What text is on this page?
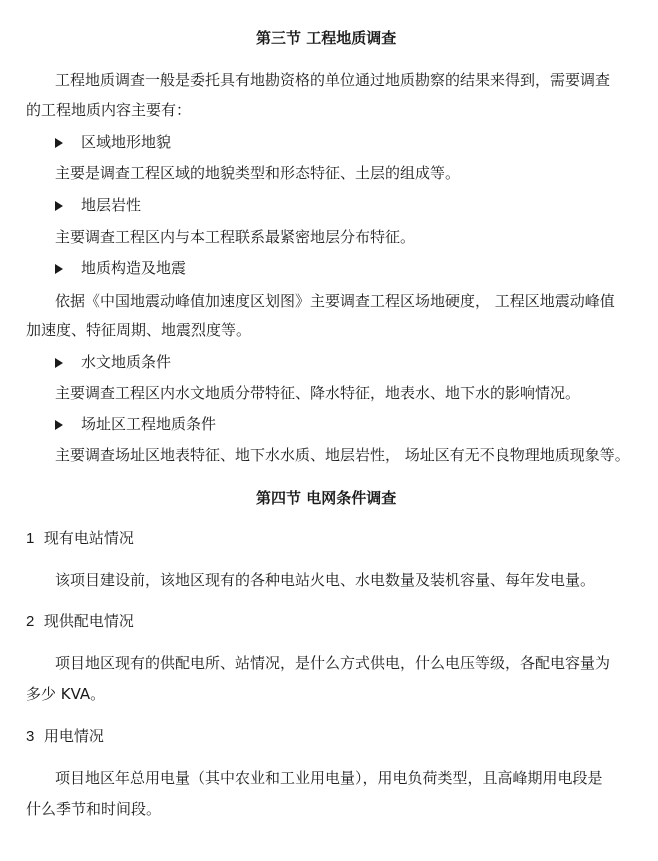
第三节 工程地质调查
工程地质调查一般是委托具有地勘资格的单位通过地质勘察的结果来得到，需要调查
的工程地质内容主要有：
区域地形地貌
主要是调查工程区域的地貌类型和形态特征、土层的组成等。
地层岩性
主要调查工程区内与本工程联系最紧密地层分布特征。
地质构造及地震
依据《中国地震动峰值加速度区划图》主要调查工程区场地硬度， 工程区地震动峰值
加速度、特征周期、地震烈度等。
水文地质条件
主要调查工程区内水文地质分带特征、降水特征，地表水、地下水的影响情况。
场址区工程地质条件
主要调查场址区地表特征、地下水水质、地层岩性， 场址区有无不良物理地质现象等。
第四节 电网条件调查
1 现有电站情况
该项目建设前，该地区现有的各种电站火电、水电数量及装机容量、每年发电量。
2 现供配电情况
项目地区现有的供配电所、站情况，是什么方式供电，什么电压等级，各配电容量为
多少 KVA。
3 用电情况
项目地区年总用电量（其中农业和工业用电量），用电负荷类型，且高峰期用电段是
什么季节和时间段。
